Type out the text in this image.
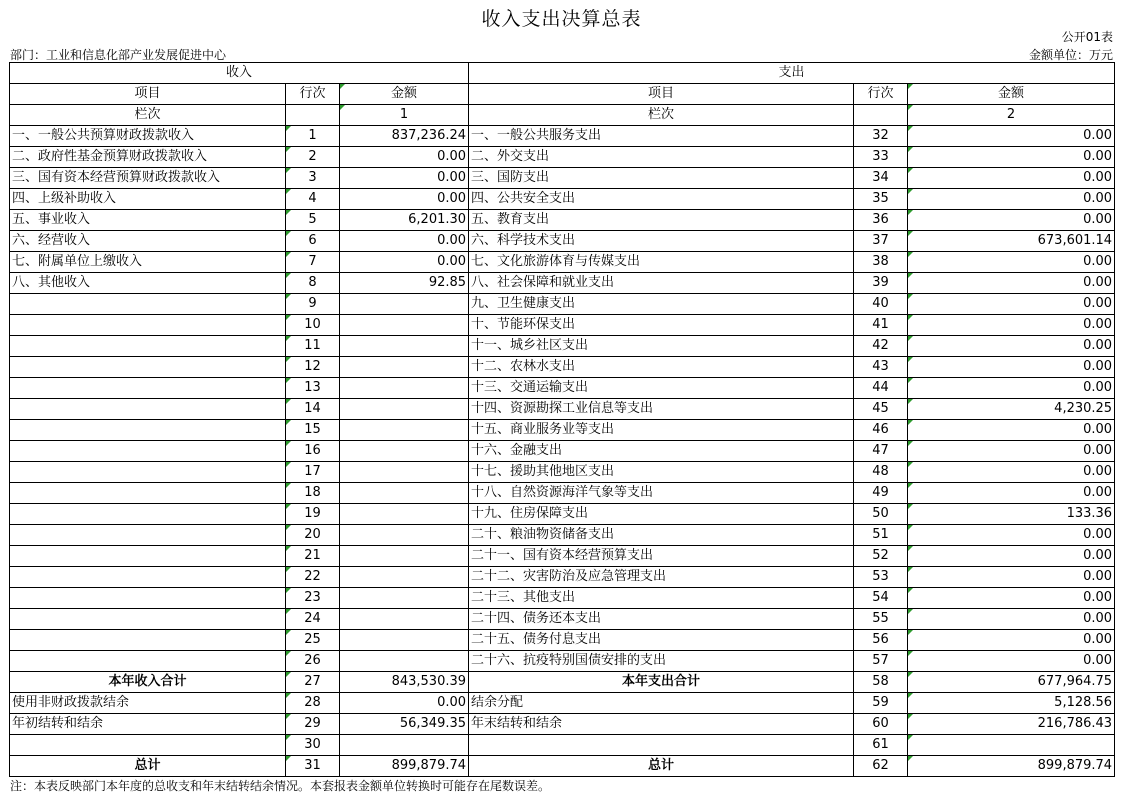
收入支出决算总表
公开01表
部门：工业和信息化部产业发展促进中心	金额单位：万元
收入			支出		
项目	行次	金额	项目	行次	金额
栏次		1	栏次		2
一、一般公共预算财政拨款收入	1	837,236.24	一、一般公共服务支出	32	0.00
二、政府性基金预算财政拨款收入	2	0.00	二、外交支出	33	0.00
三、国有资本经营预算财政拨款收入	3	0.00	三、国防支出	34	0.00
四、上级补助收入	4	0.00	四、公共安全支出	35	0.00
五、事业收入	5	6,201.30	五、教育支出	36	0.00
六、经营收入	6	0.00	六、科学技术支出	37	673,601.14
七、附属单位上缴收入	7	0.00	七、文化旅游体育与传媒支出	38	0.00
八、其他收入	8	92.85	八、社会保障和就业支出	39	0.00
	9		九、卫生健康支出	40	0.00
	10		十、节能环保支出	41	0.00
	11		十一、城乡社区支出	42	0.00
	12		十二、农林水支出	43	0.00
	13		十三、交通运输支出	44	0.00
	14		十四、资源勘探工业信息等支出	45	4,230.25
	15		十五、商业服务业等支出	46	0.00
	16		十六、金融支出	47	0.00
	17		十七、援助其他地区支出	48	0.00
	18		十八、自然资源海洋气象等支出	49	0.00
	19		十九、住房保障支出	50	133.36
	20		二十、粮油物资储备支出	51	0.00
	21		二十一、国有资本经营预算支出	52	0.00
	22		二十二、灾害防治及应急管理支出	53	0.00
	23		二十三、其他支出	54	0.00
	24		二十四、债务还本支出	55	0.00
	25		二十五、债务付息支出	56	0.00
	26		二十六、抗疫特别国债安排的支出	57	0.00
本年收入合计	27	843,530.39	本年支出合计	58	677,964.75
使用非财政拨款结余	28	0.00	结余分配	59	5,128.56
年初结转和结余	29	56,349.35	年末结转和结余	60	216,786.43
	30			61	
总计	31	899,879.74	总计	62	899,879.74
注：本表反映部门本年度的总收支和年末结转结余情况。本套报表金额单位转换时可能存在尾数误差。
